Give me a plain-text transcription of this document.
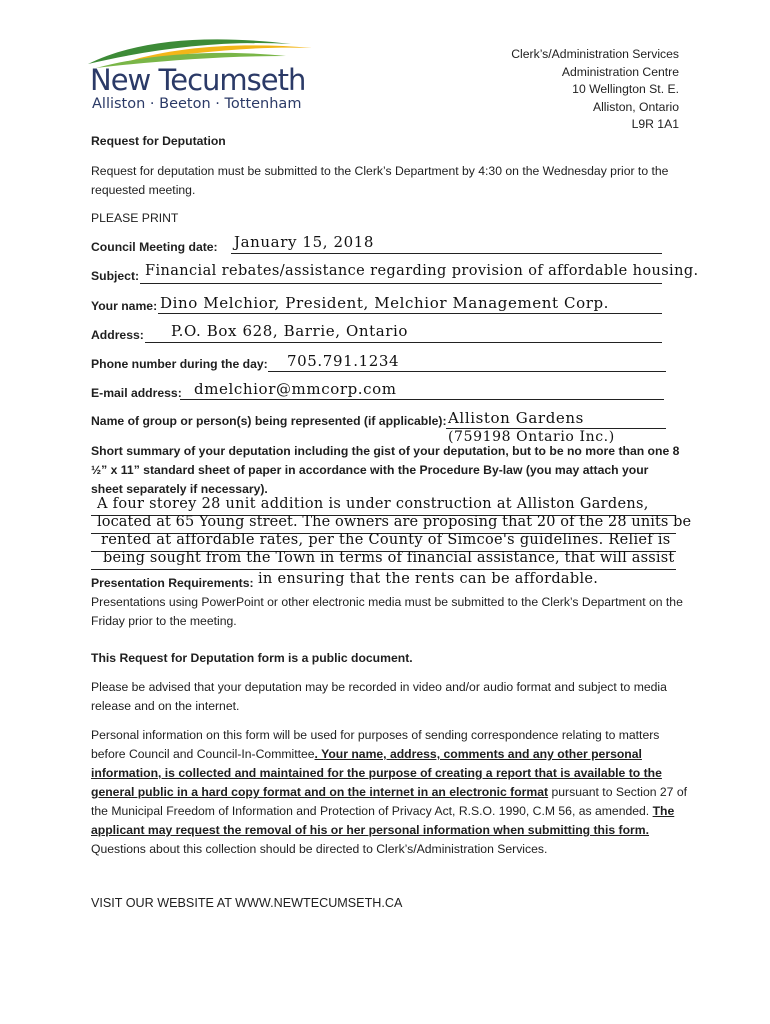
New Tecumseth
Alliston · Beeton · Tottenham
Clerk’s/Administration Services
Administration Centre
10 Wellington St. E.
Alliston, Ontario
L9R 1A1
Request for Deputation
Request for deputation must be submitted to the Clerk’s Department by 4:30 on the Wednesday prior to the requested meeting.
PLEASE PRINT
Council Meeting date: January 15, 2018
Subject: Financial rebates/assistance regarding provision of affordable housing.
Your name: Dino Melchior, President, Melchior Management Corp.
Address: P.O. Box 628, Barrie, Ontario
Phone number during the day: 705.791.1234
E-mail address: dmelchior@mmcorp.com
Name of group or person(s) being represented (if applicable): Alliston Gardens
(759198 Ontario Inc.)
Short summary of your deputation including the gist of your deputation, but to be no more than one 8 ½” x 11” standard sheet of paper in accordance with the Procedure By-law (you may attach your sheet separately if necessary).
A four storey 28 unit addition is under construction at Alliston Gardens,
located at 65 Young street. The owners are proposing that 20 of the 28 units be
rented at affordable rates, per the County of Simcoe's guidelines. Relief is
being sought from the Town in terms of financial assistance, that will assist
Presentation Requirements: in ensuring that the rents can be affordable.
Presentations using PowerPoint or other electronic media must be submitted to the Clerk’s Department on the Friday prior to the meeting.
This Request for Deputation form is a public document.
Please be advised that your deputation may be recorded in video and/or audio format and subject to media release and on the internet.
Personal information on this form will be used for purposes of sending correspondence relating to matters before Council and Council-In-Committee. Your name, address, comments and any other personal information, is collected and maintained for the purpose of creating a report that is available to the general public in a hard copy format and on the internet in an electronic format pursuant to Section 27 of the Municipal Freedom of Information and Protection of Privacy Act, R.S.O. 1990, C.M 56, as amended. The applicant may request the removal of his or her personal information when submitting this form. Questions about this collection should be directed to Clerk’s/Administration Services.
VISIT OUR WEBSITE AT WWW.NEWTECUMSETH.CA
